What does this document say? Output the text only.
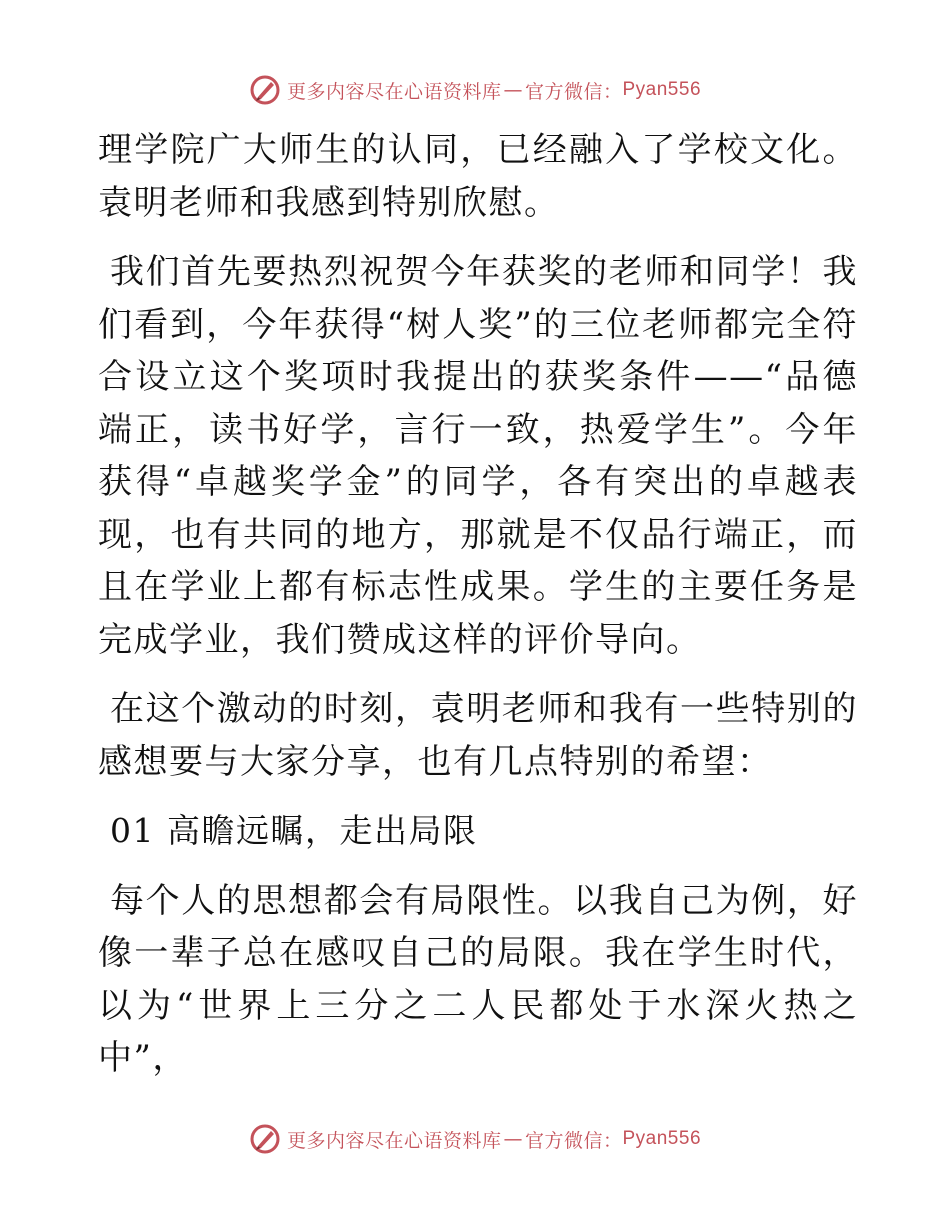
更多内容尽在心语资料库 — 官方微信： Pyan556

理学院广大师生的认同，已经融入了学校文化。袁明老师和我感到特别欣慰。

我们首先要热烈祝贺今年获奖的老师和同学！我们看到，今年获得“树人奖”的三位老师都完全符合设立这个奖项时我提出的获奖条件——“品德端正，读书好学，言行一致，热爱学生”。今年获得“卓越奖学金”的同学，各有突出的卓越表现，也有共同的地方，那就是不仅品行端正，而且在学业上都有标志性成果。学生的主要任务是完成学业，我们赞成这样的评价导向。

在这个激动的时刻，袁明老师和我有一些特别的感想要与大家分享，也有几点特别的希望：

01 高瞻远瞩，走出局限

每个人的思想都会有局限性。以我自己为例，好像一辈子总在感叹自己的局限。我在学生时代，以为“世界上三分之二人民都处于水深火热之中”，

更多内容尽在心语资料库 — 官方微信： Pyan556
